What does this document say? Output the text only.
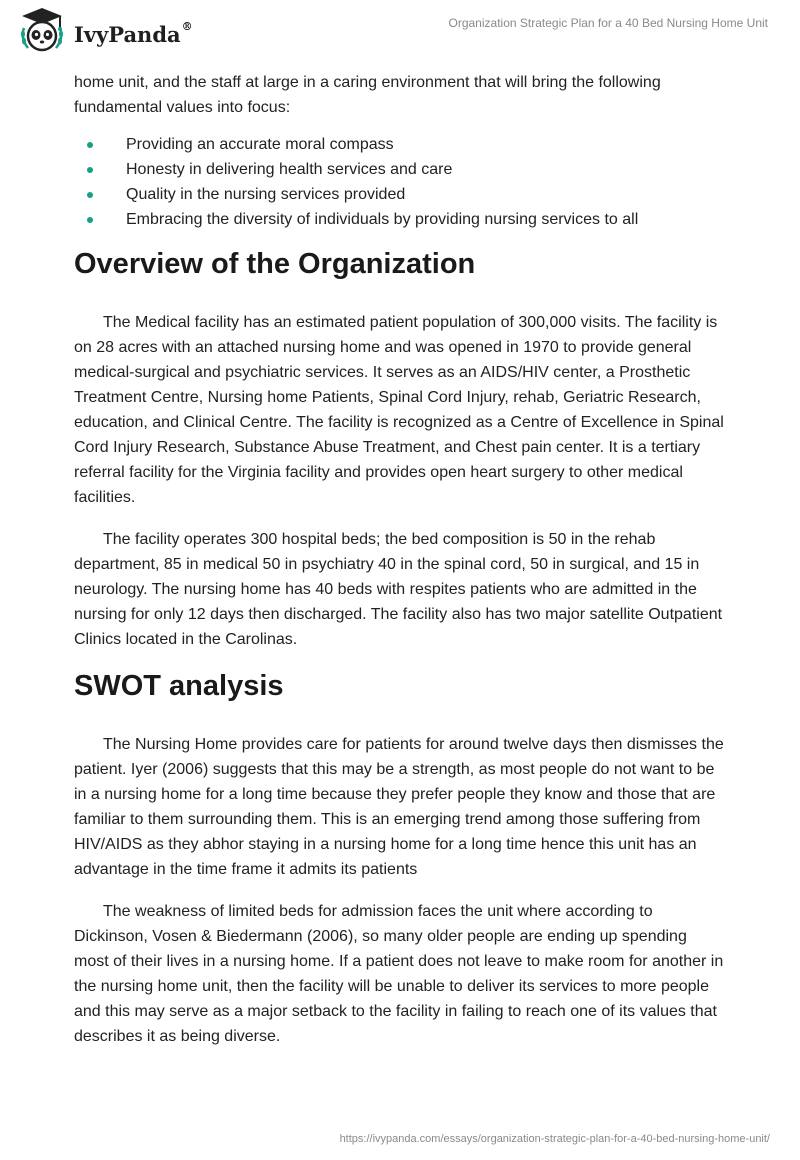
IvyPanda®	Organization Strategic Plan for a 40 Bed Nursing Home Unit

home unit, and the staff at large in a caring environment that will bring the following fundamental values into focus:

Providing an accurate moral compass
Honesty in delivering health services and care
Quality in the nursing services provided
Embracing the diversity of individuals by providing nursing services to all
Overview of the Organization

The Medical facility has an estimated patient population of 300,000 visits. The facility is on 28 acres with an attached nursing home and was opened in 1970 to provide general medical-surgical and psychiatric services. It serves as an AIDS/HIV center, a Prosthetic Treatment Centre, Nursing home Patients, Spinal Cord Injury, rehab, Geriatric Research, education, and Clinical Centre. The facility is recognized as a Centre of Excellence in Spinal Cord Injury Research, Substance Abuse Treatment, and Chest pain center. It is a tertiary referral facility for the Virginia facility and provides open heart surgery to other medical facilities.

The facility operates 300 hospital beds; the bed composition is 50 in the rehab department, 85 in medical 50 in psychiatry 40 in the spinal cord, 50 in surgical, and 15 in neurology. The nursing home has 40 beds with respites patients who are admitted in the nursing for only 12 days then discharged. The facility also has two major satellite Outpatient Clinics located in the Carolinas.

SWOT analysis

The Nursing Home provides care for patients for around twelve days then dismisses the patient. Iyer (2006) suggests that this may be a strength, as most people do not want to be in a nursing home for a long time because they prefer people they know and those that are familiar to them surrounding them. This is an emerging trend among those suffering from HIV/AIDS as they abhor staying in a nursing home for a long time hence this unit has an advantage in the time frame it admits its patients

The weakness of limited beds for admission faces the unit where according to Dickinson, Vosen & Biedermann (2006), so many older people are ending up spending most of their lives in a nursing home. If a patient does not leave to make room for another in the nursing home unit, then the facility will be unable to deliver its services to more people and this may serve as a major setback to the facility in failing to reach one of its values that describes it as being diverse.

https://ivypanda.com/essays/organization-strategic-plan-for-a-40-bed-nursing-home-unit/
